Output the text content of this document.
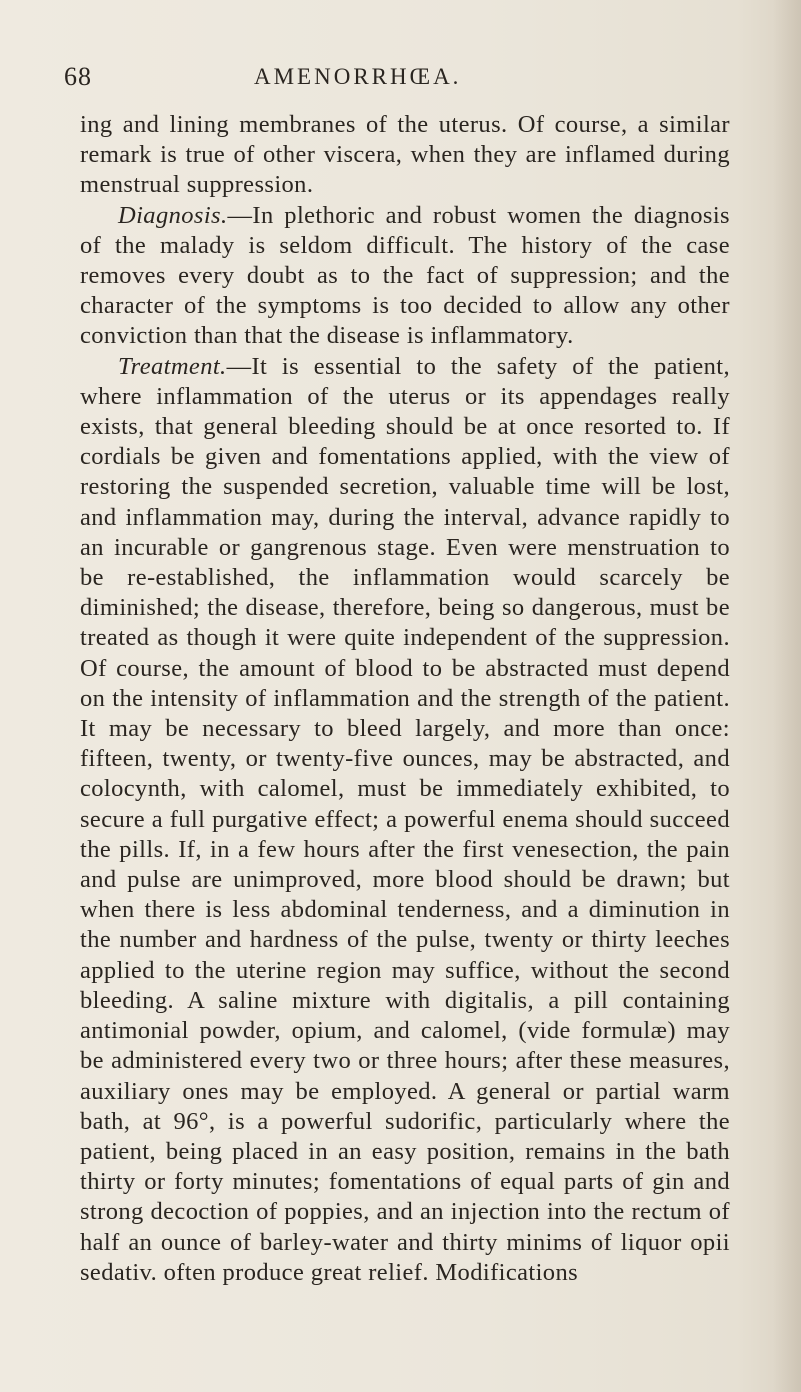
68	AMENORRHŒA.

ing and lining membranes of the uterus. Of course, a similar remark is true of other viscera, when they are inflamed during menstrual suppression.

Diagnosis.—In plethoric and robust women the diagnosis of the malady is seldom difficult. The history of the case removes every doubt as to the fact of suppression; and the character of the symptoms is too decided to allow any other conviction than that the disease is inflammatory.

Treatment.—It is essential to the safety of the patient, where inflammation of the uterus or its appendages really exists, that general bleeding should be at once resorted to. If cordials be given and fomentations applied, with the view of restoring the suspended secretion, valuable time will be lost, and inflammation may, during the interval, advance rapidly to an incurable or gangrenous stage. Even were menstruation to be re-established, the inflammation would scarcely be diminished; the disease, therefore, being so dangerous, must be treated as though it were quite independent of the suppression. Of course, the amount of blood to be abstracted must depend on the intensity of inflammation and the strength of the patient. It may be necessary to bleed largely, and more than once: fifteen, twenty, or twenty-five ounces, may be abstracted, and colocynth, with calomel, must be immediately exhibited, to secure a full purgative effect; a powerful enema should succeed the pills. If, in a few hours after the first venesection, the pain and pulse are unimproved, more blood should be drawn; but when there is less abdominal tenderness, and a diminution in the number and hardness of the pulse, twenty or thirty leeches applied to the uterine region may suffice, without the second bleeding. A saline mixture with digitalis, a pill containing antimonial powder, opium, and calomel, (vide formulæ) may be administered every two or three hours; after these measures, auxiliary ones may be employed. A general or partial warm bath, at 96°, is a powerful sudorific, particularly where the patient, being placed in an easy position, remains in the bath thirty or forty minutes; fomentations of equal parts of gin and strong decoction of poppies, and an injection into the rectum of half an ounce of barley-water and thirty minims of liquor opii sedativ. often produce great relief. Modifications
